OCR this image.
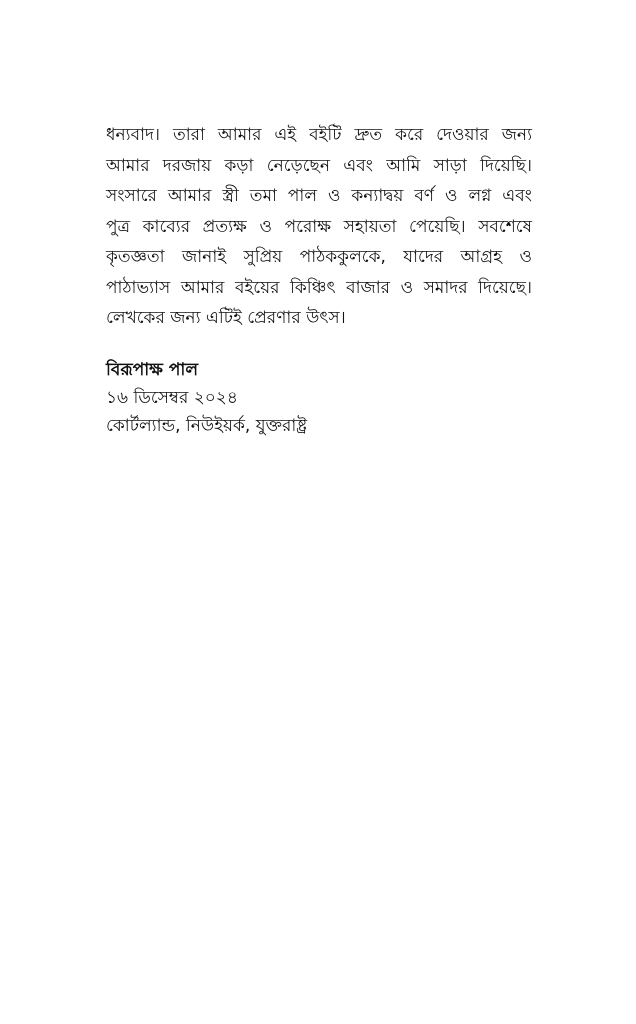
ধন্যবাদ। তারা আমার এই বইটি দ্রুত করে দেওয়ার জন্য
আমার দরজায় কড়া নেড়েছেন এবং আমি সাড়া দিয়েছি।
সংসারে আমার স্ত্রী তমা পাল ও কন্যাদ্বয় বর্ণ ও লগ্ন এবং
পুত্র কাব্যের প্রত্যক্ষ ও পরোক্ষ সহায়তা পেয়েছি। সবশেষে
কৃতজ্ঞতা জানাই সুপ্রিয় পাঠককুলকে, যাদের আগ্রহ ও
পাঠাভ্যাস আমার বইয়ের কিঞ্চিৎ বাজার ও সমাদর দিয়েছে।
লেখকের জন্য এটিই প্রেরণার উৎস।
বিরূপাক্ষ পাল
১৬ ডিসেম্বর ২০২৪
কোর্টল্যান্ড, নিউইয়র্ক, যুক্তরাষ্ট্র
